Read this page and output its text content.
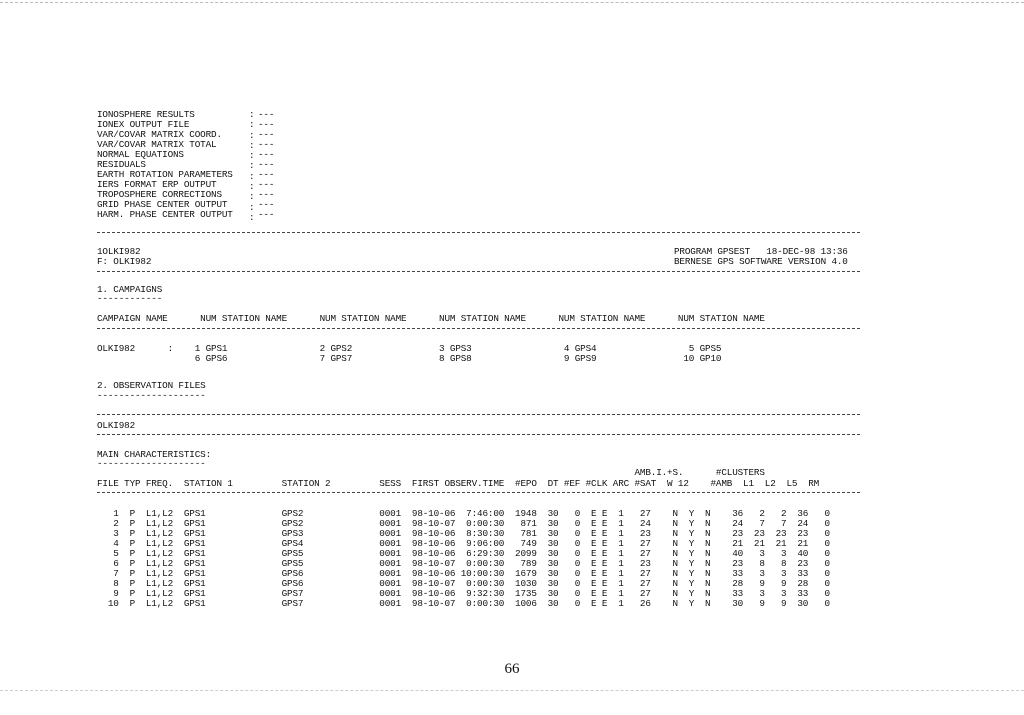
IONOSPHERE RESULTS	---
IONEX OUTPUT FILE	---
VAR/COVAR MATRIX COORD.	---
VAR/COVAR MATRIX TOTAL	---
NORMAL EQUATIONS	---
RESIDUALS	---
EARTH ROTATION PARAMETERS	---
IERS FORMAT ERP OUTPUT	---
TROPOSPHERE CORRECTIONS	---
GRID PHASE CENTER OUTPUT	---
HARM. PHASE CENTER OUTPUT	---
:
:
:
:
:
:
:
:
:
:
:
1OLKI982
F: OLKI982
PROGRAM GPSEST   18-DEC-98 13:36
BERNESE GPS SOFTWARE VERSION 4.0
1. CAMPAIGNS
------------
CAMPAIGN NAME      NUM STATION NAME      NUM STATION NAME      NUM STATION NAME      NUM STATION NAME      NUM STATION NAME
OLKI982      :    1 GPS1                 2 GPS2                3 GPS3                 4 GPS4                 5 GPS5
6 GPS6                 7 GPS7                8 GPS8                 9 GPS9                10 GP10
2. OBSERVATION FILES
--------------------
OLKI982
MAIN CHARACTERISTICS:
--------------------
AMB.I.+S.      #CLUSTERS
FILE TYP FREQ.  STATION 1         STATION 2         SESS  FIRST OBSERV.TIME  #EPO  DT #EF #CLK ARC #SAT  W 12    #AMB  L1  L2  L5  RM
1  P  L1,L2  GPS1              GPS2              0001  98-10-06  7:46:00  1948  30   0  E E  1   27    N  Y  N    36   2   2  36   0
2  P  L1,L2  GPS1              GPS2              0001  98-10-07  0:00:30   871  30   0  E E  1   24    N  Y  N    24   7   7  24   0
3  P  L1,L2  GPS1              GPS3              0001  98-10-06  8:30:30   781  30   0  E E  1   23    N  Y  N    23  23  23  23   0
4  P  L1,L2  GPS1              GPS4              0001  98-10-06  9:06:00   749  30   0  E E  1   27    N  Y  N    21  21  21  21   0
5  P  L1,L2  GPS1              GPS5              0001  98-10-06  6:29:30  2099  30   0  E E  1   27    N  Y  N    40   3   3  40   0
6  P  L1,L2  GPS1              GPS5              0001  98-10-07  0:00:30   789  30   0  E E  1   23    N  Y  N    23   8   8  23   0
7  P  L1,L2  GPS1              GPS6              0001  98-10-06 10:00:30  1679  30   0  E E  1   27    N  Y  N    33   3   3  33   0
8  P  L1,L2  GPS1              GPS6              0001  98-10-07  0:00:30  1030  30   0  E E  1   27    N  Y  N    28   9   9  28   0
9  P  L1,L2  GPS1              GPS7              0001  98-10-06  9:32:30  1735  30   0  E E  1   27    N  Y  N    33   3   3  33   0
10  P  L1,L2  GPS1              GPS7              0001  98-10-07  0:00:30  1006  30   0  E E  1   26    N  Y  N    30   9   9  30   0
66
